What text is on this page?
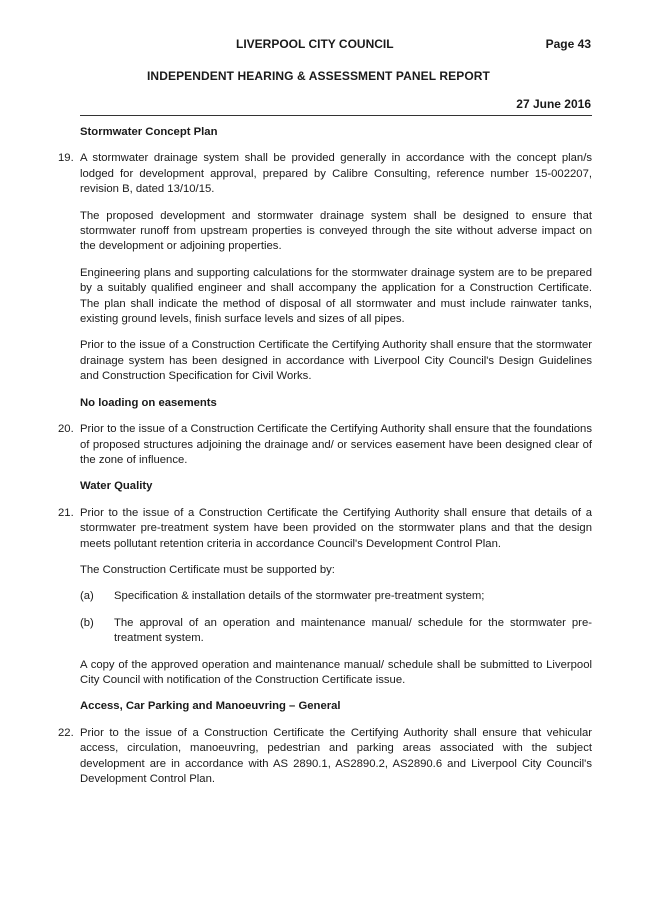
LIVERPOOL CITY COUNCIL	Page 43
INDEPENDENT HEARING & ASSESSMENT PANEL REPORT
27 June 2016
Stormwater Concept Plan
19. A stormwater drainage system shall be provided generally in accordance with the concept plan/s lodged for development approval, prepared by Calibre Consulting, reference number 15-002207, revision B, dated 13/10/15.

The proposed development and stormwater drainage system shall be designed to ensure that stormwater runoff from upstream properties is conveyed through the site without adverse impact on the development or adjoining properties.

Engineering plans and supporting calculations for the stormwater drainage system are to be prepared by a suitably qualified engineer and shall accompany the application for a Construction Certificate. The plan shall indicate the method of disposal of all stormwater and must include rainwater tanks, existing ground levels, finish surface levels and sizes of all pipes.

Prior to the issue of a Construction Certificate the Certifying Authority shall ensure that the stormwater drainage system has been designed in accordance with Liverpool City Council's Design Guidelines and Construction Specification for Civil Works.

No loading on easements
20. Prior to the issue of a Construction Certificate the Certifying Authority shall ensure that the foundations of proposed structures adjoining the drainage and/ or services easement have been designed clear of the zone of influence.

Water Quality
21. Prior to the issue of a Construction Certificate the Certifying Authority shall ensure that details of a stormwater pre-treatment system have been provided on the stormwater plans and that the design meets pollutant retention criteria in accordance Council's Development Control Plan.

The Construction Certificate must be supported by:

(a) Specification & installation details of the stormwater pre-treatment system;
(b) The approval of an operation and maintenance manual/ schedule for the stormwater pre-treatment system.

A copy of the approved operation and maintenance manual/ schedule shall be submitted to Liverpool City Council with notification of the Construction Certificate issue.

Access, Car Parking and Manoeuvring – General
22. Prior to the issue of a Construction Certificate the Certifying Authority shall ensure that vehicular access, circulation, manoeuvring, pedestrian and parking areas associated with the subject development are in accordance with AS 2890.1, AS2890.2, AS2890.6 and Liverpool City Council's Development Control Plan.
